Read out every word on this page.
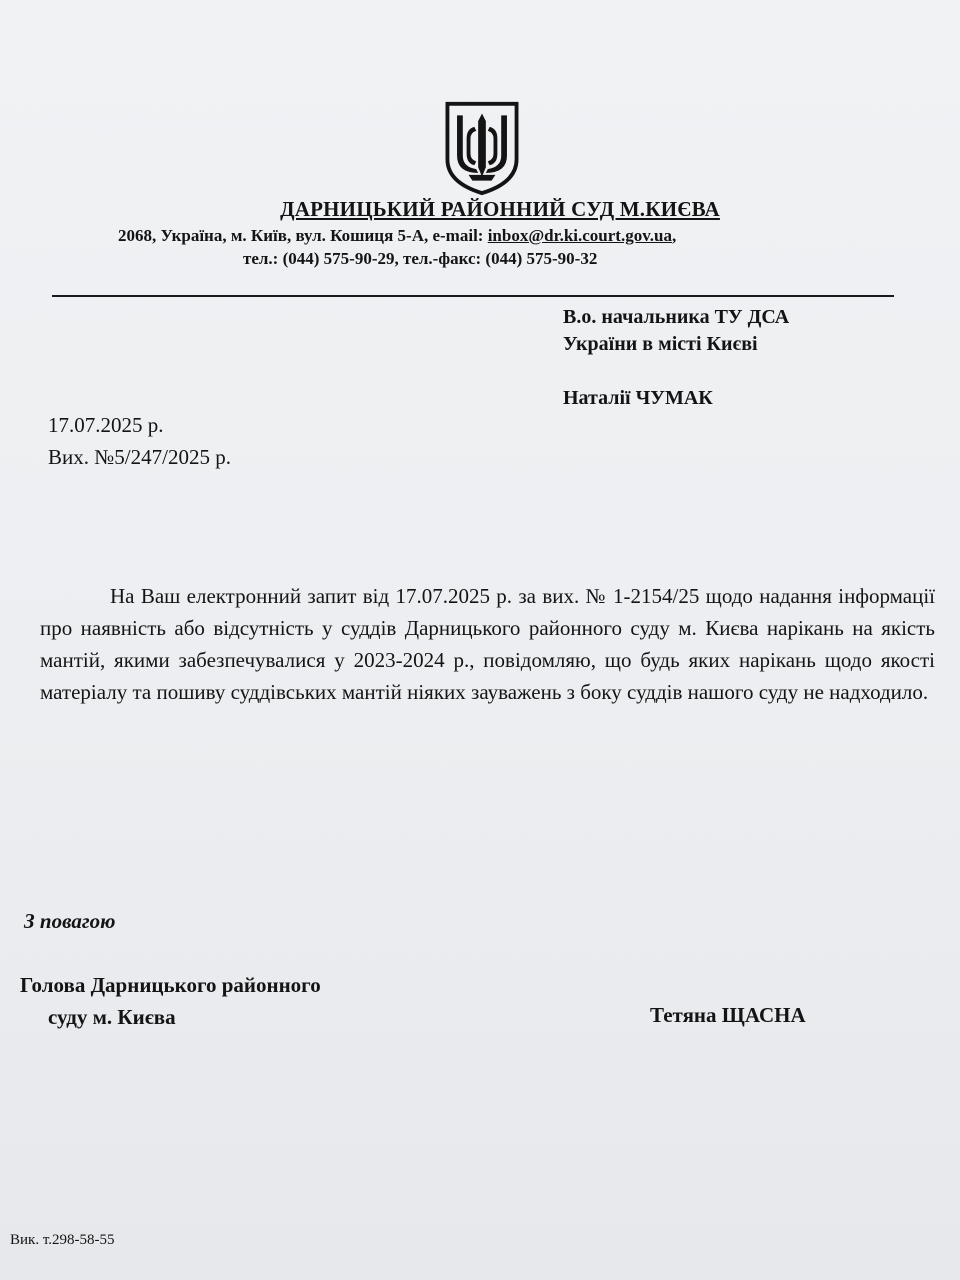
ДАРНИЦЬКИЙ РАЙОННИЙ СУД М.КИЄВА
2068, Україна, м. Київ, вул. Кошиця 5-А, e-mail: inbox@dr.ki.court.gov.ua,
тел.: (044) 575-90-29, тел.-факс: (044) 575-90-32
В.о. начальника ТУ ДСА
України в місті Києві
Наталії ЧУМАК
17.07.2025 р.
Вих. №5/247/2025 р.
На Ваш електронний запит від 17.07.2025 р. за вих. № 1-2154/25 щодо надання інформації про наявність або відсутність у суддів Дарницького районного суду м. Києва нарікань на якість мантій, якими забезпечувалися у 2023-2024 р., повідомляю, що будь яких нарікань щодо якості матеріалу та пошиву суддівських мантій ніяких зауважень з боку суддів нашого суду не надходило.
З повагою
Голова Дарницького районного
суду м. Києва	Тетяна ЩАСНА
Вик. т.298-58-55
